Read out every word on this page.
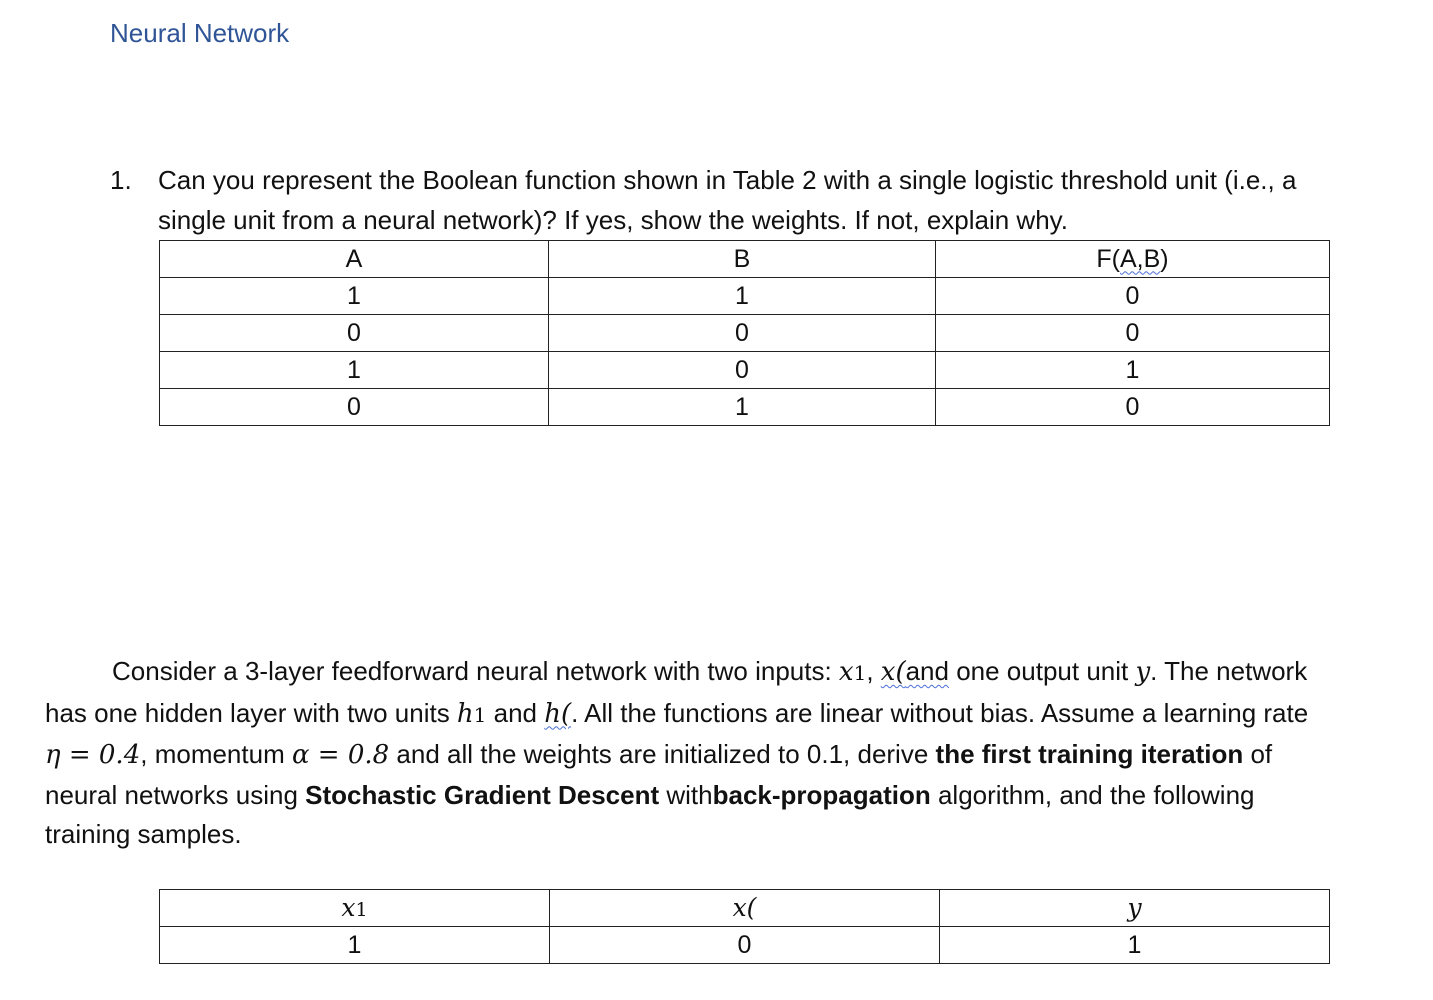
Neural Network
1. Can you represent the Boolean function shown in Table 2 with a single logistic threshold unit (i.e., a single unit from a neural network)? If yes, show the weights. If not, explain why.
A	B	F(A,B)
1	1	0
0	0	0
1	0	1
0	1	0
Consider a 3-layer feedforward neural network with two inputs: x1, x(and one output unit y. The network has one hidden layer with two units h1 and h(. All the functions are linear without bias. Assume a learning rate η = 0.4, momentum α = 0.8 and all the weights are initialized to 0.1, derive the first training iteration of neural networks using Stochastic Gradient Descent withback-propagation algorithm, and the following training samples.
x1	x(	y
1	0	1
